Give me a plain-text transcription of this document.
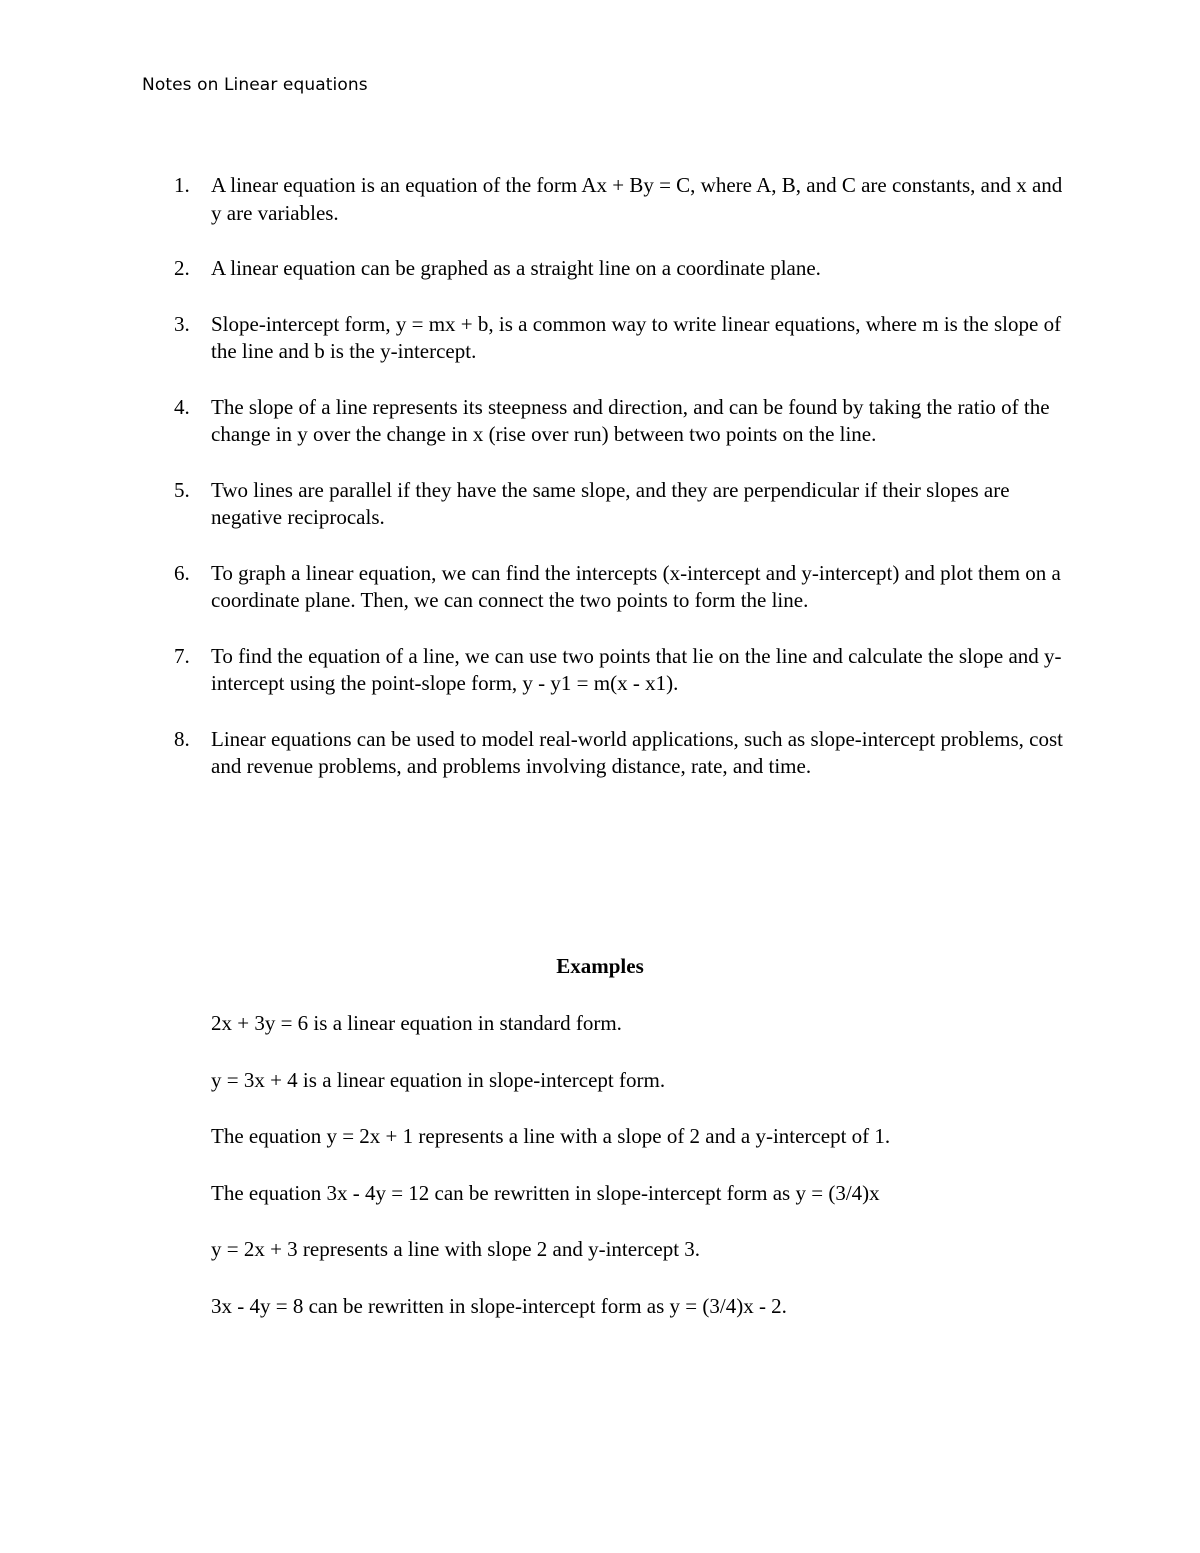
Notes on Linear equations
1. A linear equation is an equation of the form Ax + By = C, where A, B, and C are constants, and x and y are variables.
2. A linear equation can be graphed as a straight line on a coordinate plane.
3. Slope-intercept form, y = mx + b, is a common way to write linear equations, where m is the slope of the line and b is the y-intercept.
4. The slope of a line represents its steepness and direction, and can be found by taking the ratio of the change in y over the change in x (rise over run) between two points on the line.
5. Two lines are parallel if they have the same slope, and they are perpendicular if their slopes are negative reciprocals.
6. To graph a linear equation, we can find the intercepts (x-intercept and y-intercept) and plot them on a coordinate plane. Then, we can connect the two points to form the line.
7. To find the equation of a line, we can use two points that lie on the line and calculate the slope and y-intercept using the point-slope form, y - y1 = m(x - x1).
8. Linear equations can be used to model real-world applications, such as slope-intercept problems, cost and revenue problems, and problems involving distance, rate, and time.
Examples

2x + 3y = 6 is a linear equation in standard form.

y = 3x + 4 is a linear equation in slope-intercept form.

The equation y = 2x + 1 represents a line with a slope of 2 and a y-intercept of 1.

The equation 3x - 4y = 12 can be rewritten in slope-intercept form as y = (3/4)x

y = 2x + 3 represents a line with slope 2 and y-intercept 3.

3x - 4y = 8 can be rewritten in slope-intercept form as y = (3/4)x - 2.
